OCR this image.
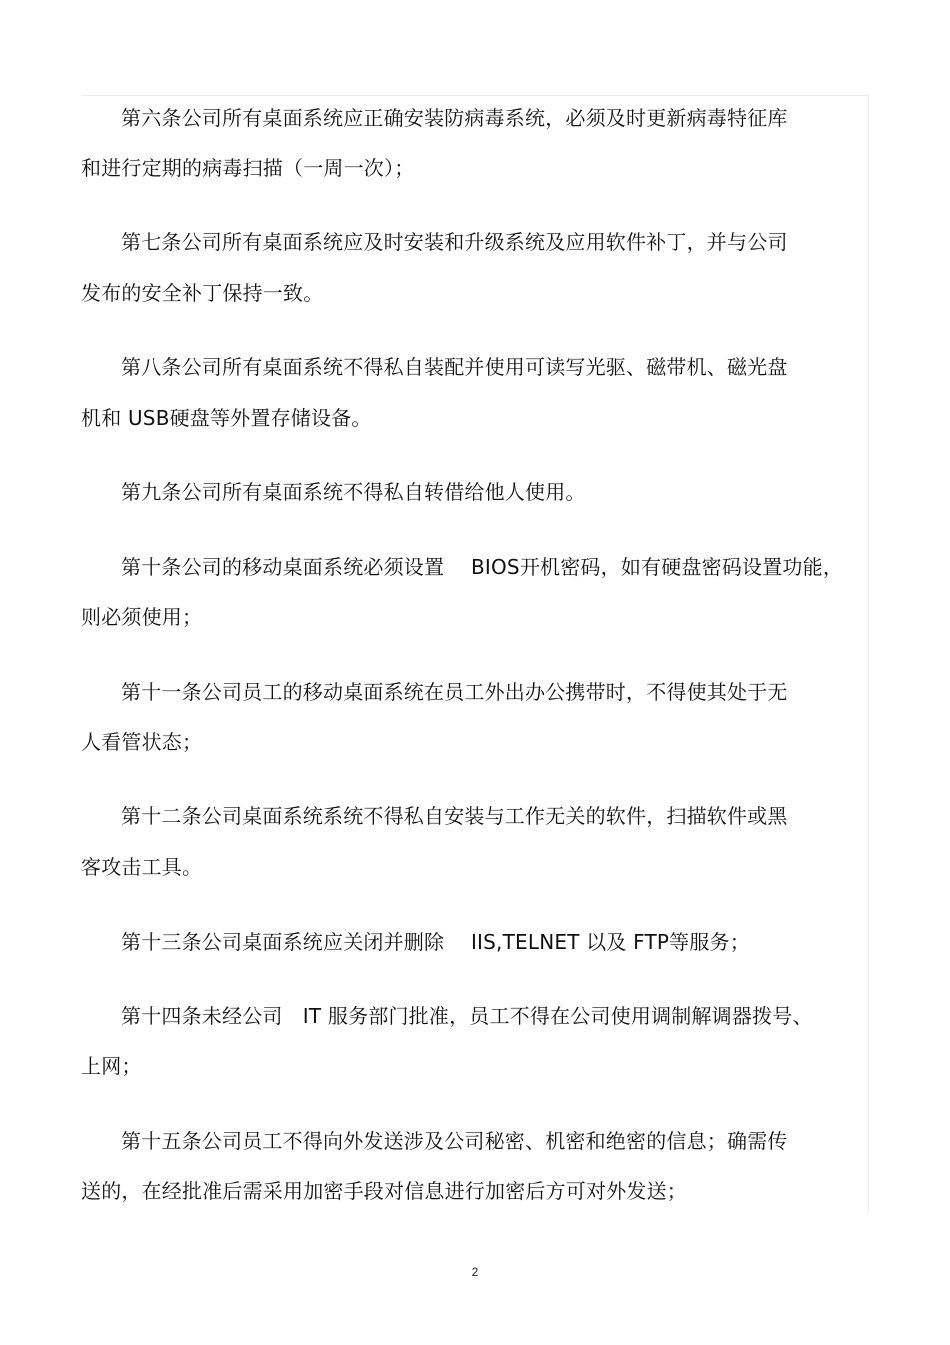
第六条公司所有桌面系统应正确安装防病毒系统，必须及时更新病毒特征库
和进行定期的病毒扫描（一周一次）；
第七条公司所有桌面系统应及时安装和升级系统及应用软件补丁，并与公司
发布的安全补丁保持一致。
第八条公司所有桌面系统不得私自装配并使用可读写光驱、磁带机、磁光盘
机和 USB硬盘等外置存储设备。
第九条公司所有桌面系统不得私自转借给他人使用。
第十条公司的移动桌面系统必须设置　 BIOS开机密码，如有硬盘密码设置功能，
则必须使用；
第十一条公司员工的移动桌面系统在员工外出办公携带时，不得使其处于无
人看管状态；
第十二条公司桌面系统系统不得私自安装与工作无关的软件，扫描软件或黑
客攻击工具。
第十三条公司桌面系统应关闭并删除　 IIS,TELNET 以及 FTP等服务；
第十四条未经公司　IT 服务部门批准，员工不得在公司使用调制解调器拨号、
上网；
第十五条公司员工不得向外发送涉及公司秘密、机密和绝密的信息；确需传
送的，在经批准后需采用加密手段对信息进行加密后方可对外发送；
2
